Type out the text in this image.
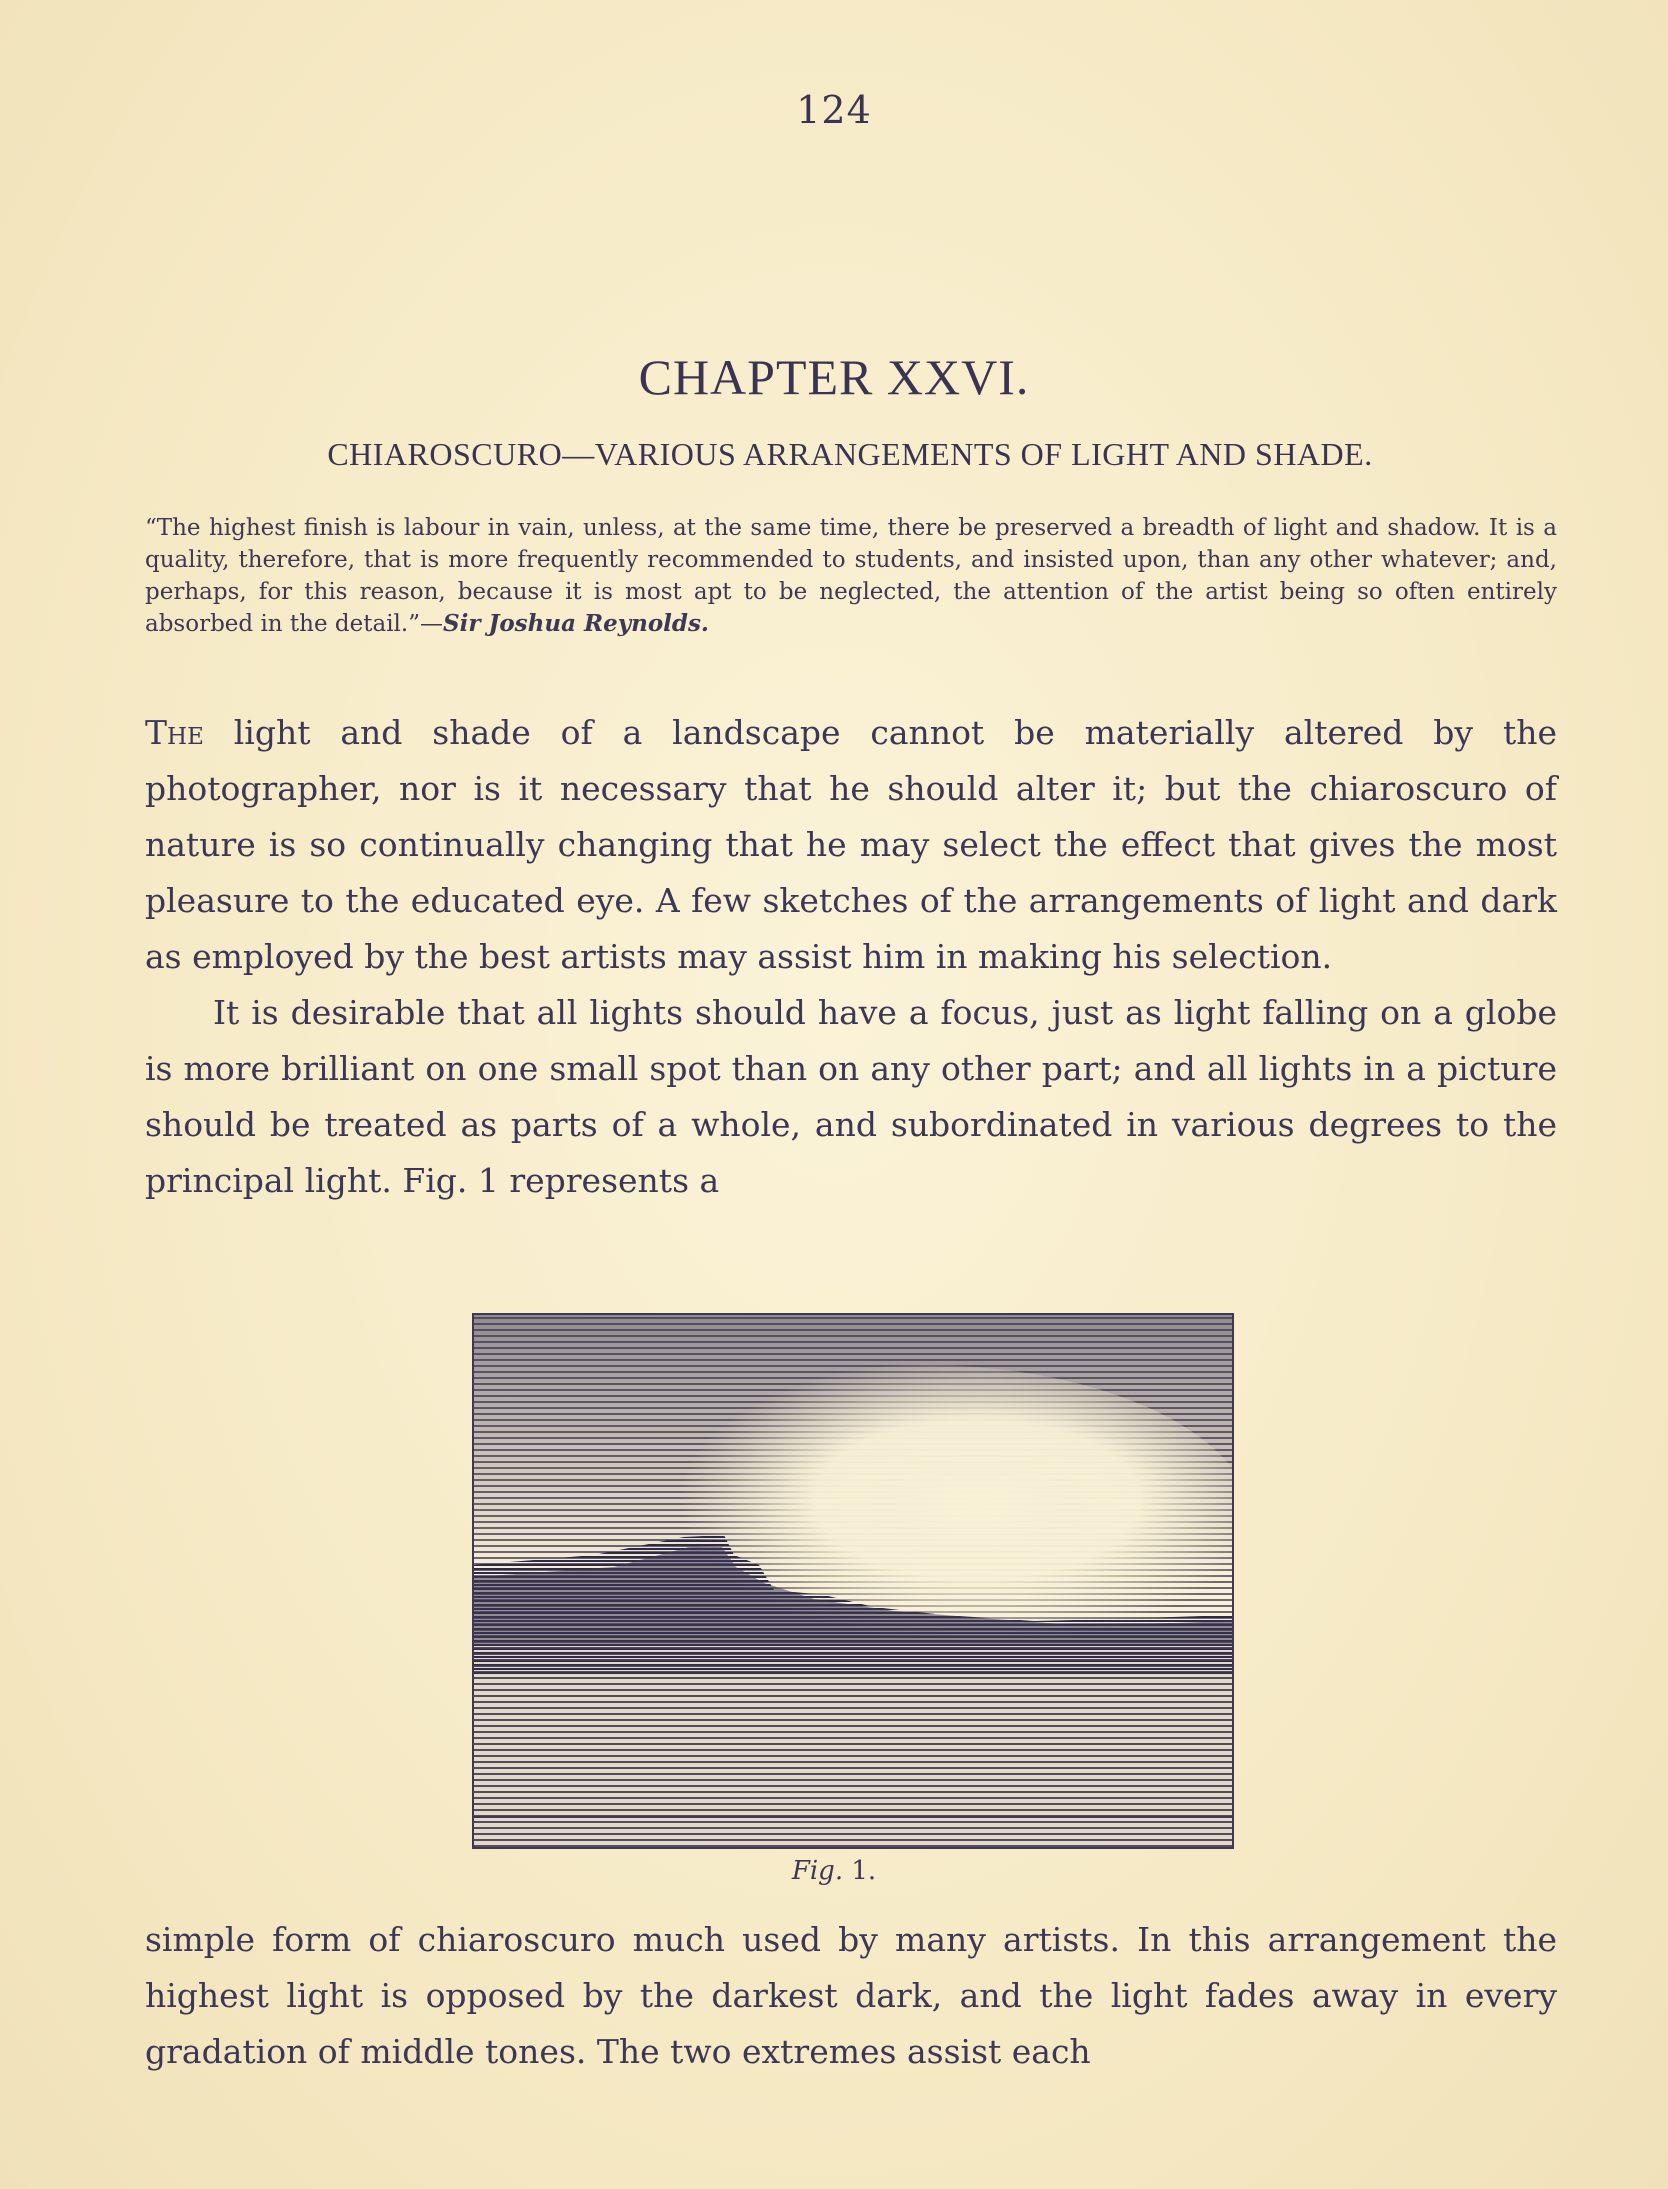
124
CHAPTER XXVI.
CHIAROSCURO—VARIOUS ARRANGEMENTS OF LIGHT AND SHADE.
“The highest finish is labour in vain, unless, at the same time, there be preserved a breadth of light and shadow. It is a quality, therefore, that is more frequently recommended to students, and insisted upon, than any other whatever; and, perhaps, for this reason, because it is most apt to be neglected, the attention of the artist being so often entirely absorbed in the detail.”—Sir Joshua Reynolds.

The light and shade of a landscape cannot be materially altered by the photographer, nor is it necessary that he should alter it; but the chiaroscuro of nature is so continually changing that he may select the effect that gives the most pleasure to the educated eye. A few sketches of the arrangements of light and dark as employed by the best artists may assist him in making his selection.

It is desirable that all lights should have a focus, just as light falling on a globe is more brilliant on one small spot than on any other part; and all lights in a picture should be treated as parts of a whole, and subordinated in various degrees to the principal light. Fig. 1 represents a

Fig. 1.

simple form of chiaroscuro much used by many artists. In this arrangement the highest light is opposed by the darkest dark, and the light fades away in every gradation of middle tones. The two extremes assist each
